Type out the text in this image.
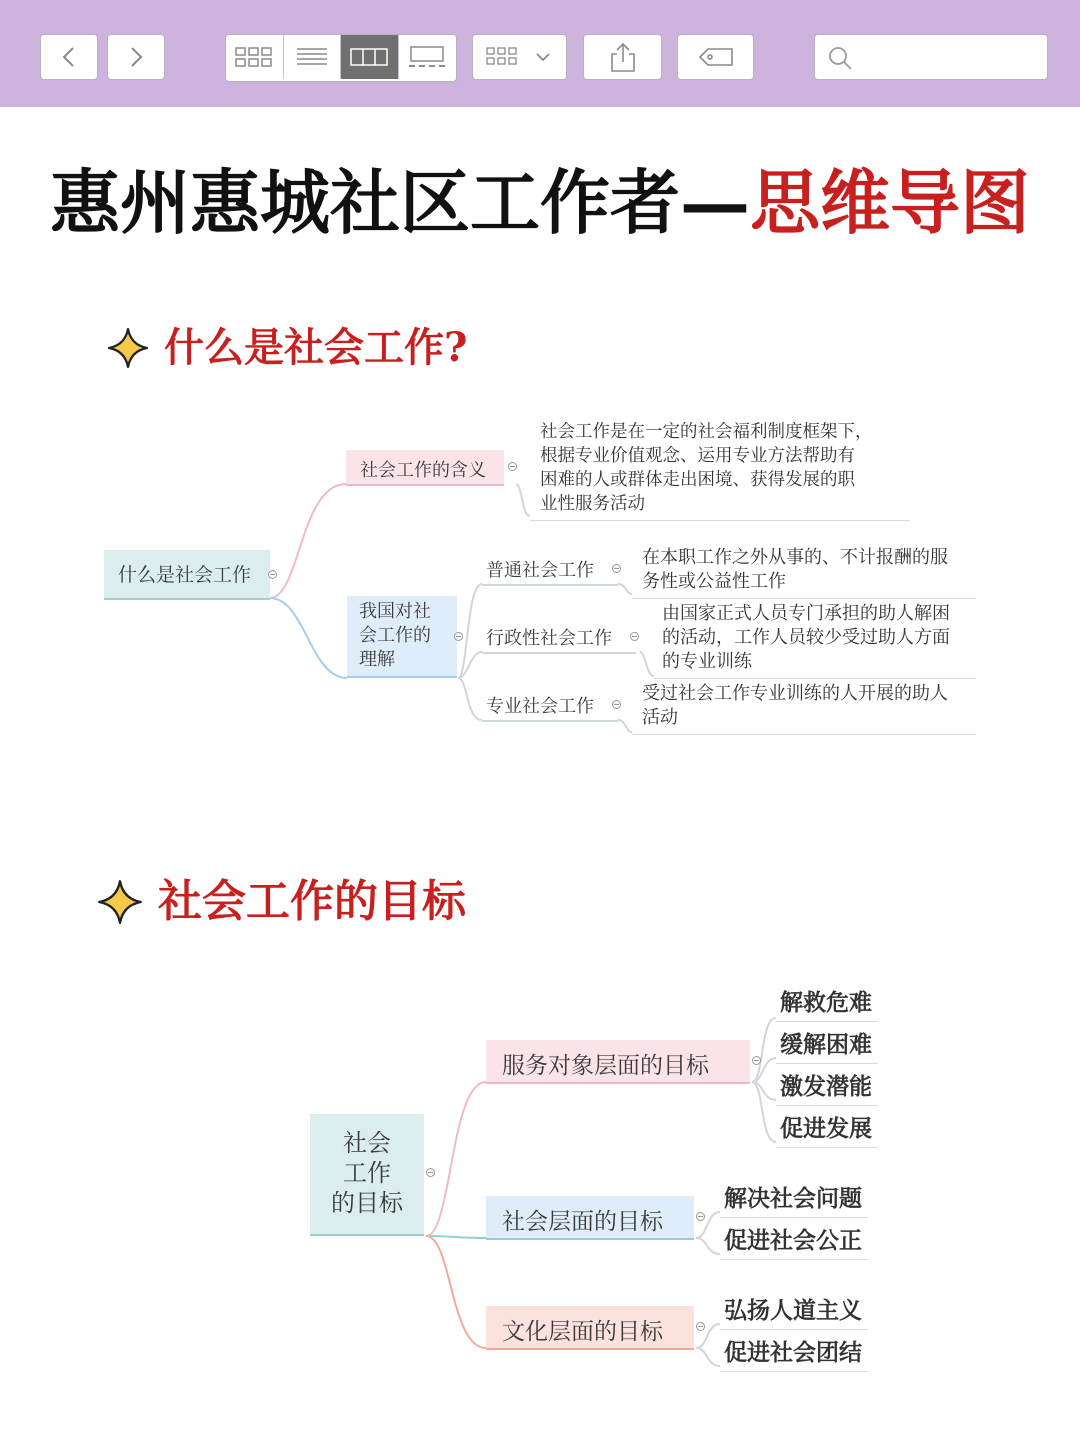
惠州惠城社区工作者—思维导图
什么是社会工作?
什么是社会工作
社会工作的含义
社会工作是在一定的社会福利制度框架下，
根据专业价值观念、运用专业方法帮助有
困难的人或群体走出困境、获得发展的职
业性服务活动
我国对社
会工作的
理解
普通社会工作
在本职工作之外从事的、不计报酬的服
务性或公益性工作
行政性社会工作
由国家正式人员专门承担的助人解困
的活动，工作人员较少受过助人方面
的专业训练
专业社会工作
受过社会工作专业训练的人开展的助人
活动
社会工作的目标
社会
工作
的目标
服务对象层面的目标
解救危难
缓解困难
激发潜能
促进发展
社会层面的目标
解决社会问题
促进社会公正
文化层面的目标
弘扬人道主义
促进社会团结
